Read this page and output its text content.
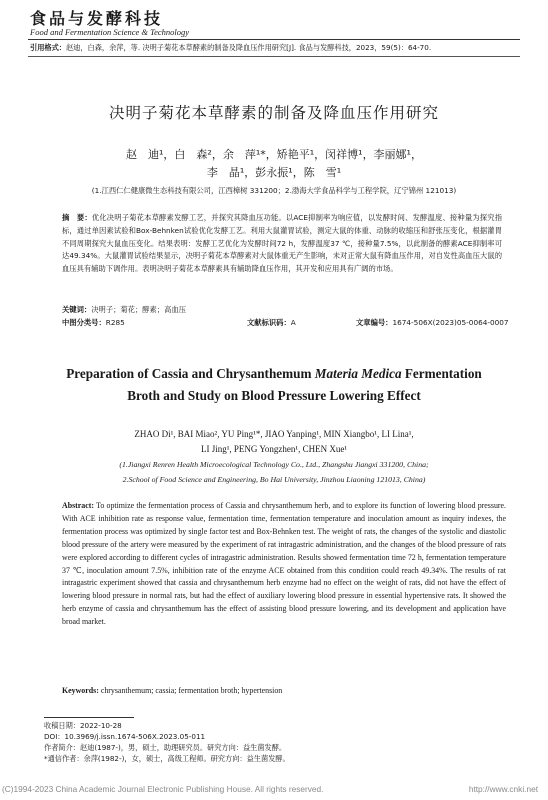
食品与发酵科技
Food and Fermentation Science & Technology
引用格式：赵迪，白森，余萍，等. 决明子菊花本草酵素的制备及降血压作用研究[J]. 食品与发酵科技，2023，59(5)：64-70.
决明子菊花本草酵素的制备及降血压作用研究
赵　迪¹，白　森²，余　萍¹*，矫艳平¹，闵祥博¹，李丽娜¹，
李　晶¹，彭永振¹，陈　雪¹
(1.江西仁仁健康微生态科技有限公司，江西樟树 331200；2.渤海大学食品科学与工程学院，辽宁锦州 121013)
摘　要：优化决明子菊花本草酵素发酵工艺，并探究其降血压功能。以ACE抑制率为响应值，以发酵时间、发酵温度、接种量为探究指标，通过单因素试验和Box-Behnken试验优化发酵工艺。利用大鼠灌胃试验，测定大鼠的体重、动脉的收缩压和舒张压变化，根据灌胃不同周期探究大鼠血压变化。结果表明：发酵工艺优化为发酵时间72 h，发酵温度37 ℃，接种量7.5%，以此制备的酵素ACE抑制率可达49.34%。大鼠灌胃试验结果显示，决明子菊花本草酵素对大鼠体重无产生影响，未对正常大鼠有降血压作用，对自发性高血压大鼠的血压具有辅助下调作用。表明决明子菊花本草酵素具有辅助降血压作用，其开发和应用具有广阔的市场。
关键词：决明子；菊花；酵素；高血压
中图分类号： R285	文献标识码： A	文章编号： 1674-506X(2023)05-0064-0007
Preparation of Cassia and Chrysanthemum Materia Medica Fermentation
Broth and Study on Blood Pressure Lowering Effect
ZHAO Di¹, BAI Miao², YU Ping¹*, JIAO Yanping¹, MIN Xiangbo¹, LI Lina¹,
LI Jing¹, PENG Yongzhen¹, CHEN Xue¹
(1.Jiangxi Renren Health Microecological Technology Co., Ltd., Zhangshu Jiangxi 331200, China;
2.School of Food Science and Engineering, Bo Hai University, Jinzhou Liaoning 121013, China)
Abstract: To optimize the fermentation process of Cassia and chrysanthemum herb, and to explore its function of lowering blood pressure. With ACE inhibition rate as response value, fermentation time, fermentation temperature and inoculation amount as inquiry indexes, the fermentation process was optimized by single factor test and Box-Behnken test. The weight of rats, the changes of the systolic and diastolic blood pressure of the artery were measured by the experiment of rat intragastric administration, and the changes of the blood pressure of rats were explored according to different cycles of intragastric administration. Results showed fermentation time 72 h, fermentation temperature 37 ℃, inoculation amount 7.5%, inhibition rate of the enzyme ACE obtained from this condition could reach 49.34%. The results of rat intragastric experiment showed that cassia and chrysanthemum herb enzyme had no effect on the weight of rats, did not have the effect of lowering blood pressure in normal rats, but had the effect of auxiliary lowering blood pressure in essential hypertensive rats. It showed the herb enzyme of cassia and chrysanthemum has the effect of assisting blood pressure lowering, and its development and application have broad market.
Keywords: chrysanthemum; cassia; fermentation broth; hypertension
收稿日期：2022-10-28
DOI：10.3969/j.issn.1674-506X.2023.05-011
作者简介：赵迪(1987-)，男，硕士，助理研究员。研究方向：益生菌发酵。
*通信作者：余萍(1982-)，女，硕士，高级工程师。研究方向：益生菌发酵。
(C)1994-2023 China Academic Journal Electronic Publishing House. All rights reserved.	http://www.cnki.net
